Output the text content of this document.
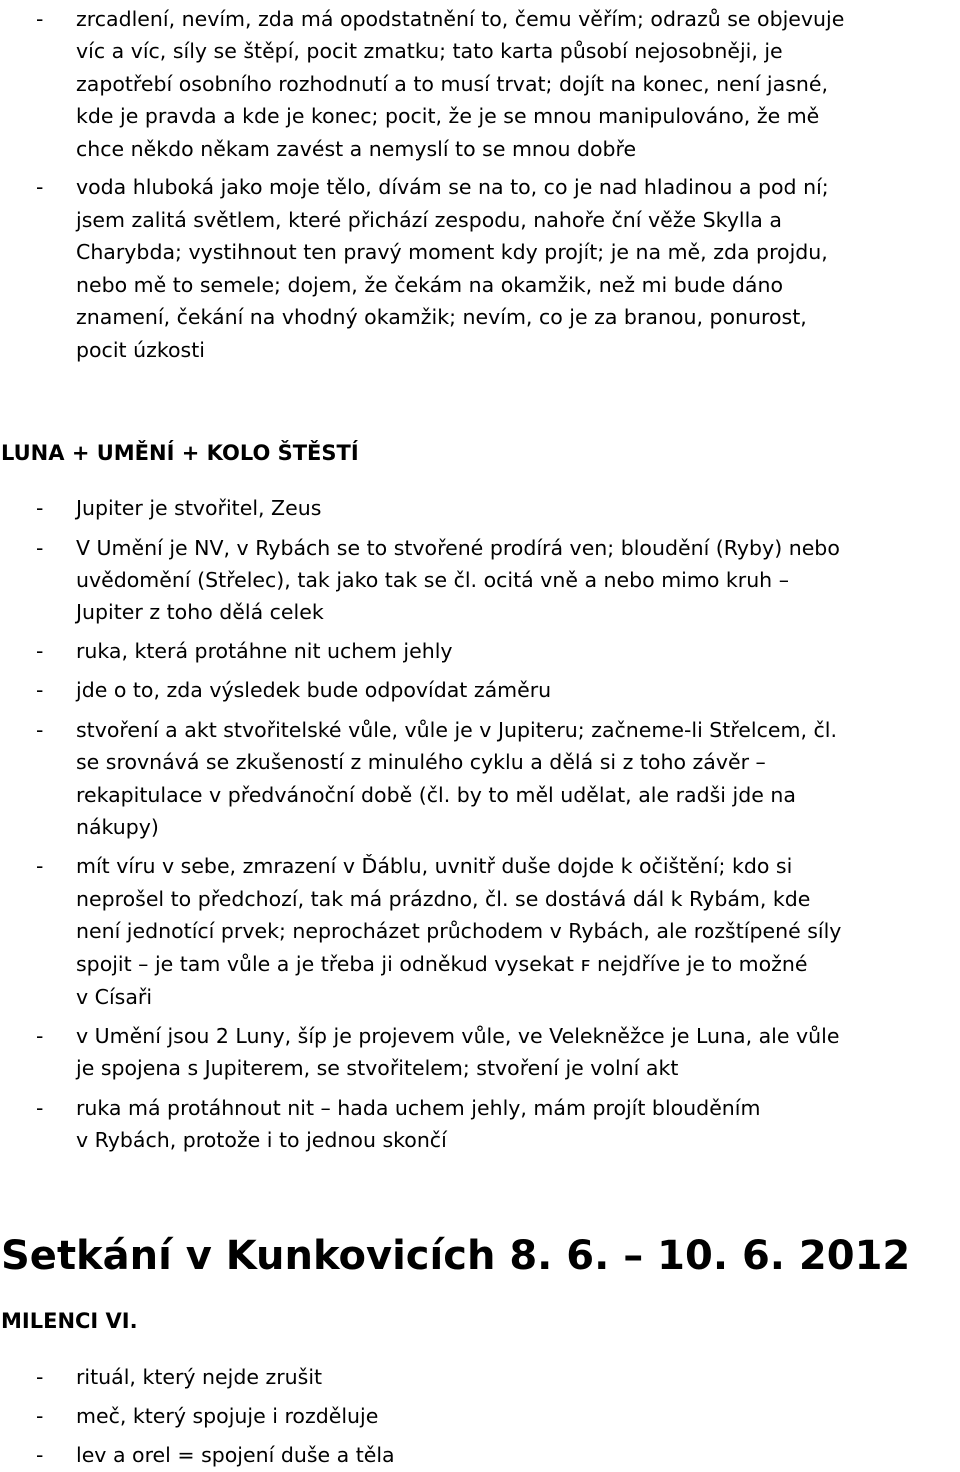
- zrcadlení, nevím, zda má opodstatnění to, čemu věřím; odrazů se objevuje
víc a víc, síly se štěpí, pocit zmatku; tato karta působí nejosobněji, je
zapotřebí osobního rozhodnutí a to musí trvat; dojít na konec, není jasné,
kde je pravda a kde je konec; pocit, že je se mnou manipulováno, že mě
chce někdo někam zavést a nemyslí to se mnou dobře
- voda hluboká jako moje tělo, dívám se na to, co je nad hladinou a pod ní;
jsem zalitá světlem, které přichází zespodu, nahoře ční věže Skylla a
Charybda; vystihnout ten pravý moment kdy projít; je na mě, zda projdu,
nebo mě to semele; dojem, že čekám na okamžik, než mi bude dáno
znamení, čekání na vhodný okamžik; nevím, co je za branou, ponurost,
pocit úzkosti
LUNA + UMĚNÍ + KOLO ŠTĚSTÍ
- Jupiter je stvořitel, Zeus
- V Umění je NV, v Rybách se to stvořené prodírá ven; bloudění (Ryby) nebo
uvědomění (Střelec), tak jako tak se čl. ocitá vně a nebo mimo kruh –
Jupiter z toho dělá celek
- ruka, která protáhne nit uchem jehly
- jde o to, zda výsledek bude odpovídat záměru
- stvoření a akt stvořitelské vůle, vůle je v Jupiteru; začneme-li Střelcem, čl.
se srovnává se zkušeností z minulého cyklu a dělá si z toho závěr –
rekapitulace v předvánoční době (čl. by to měl udělat, ale radši jde na
nákupy)
- mít víru v sebe, zmrazení v Ďáblu, uvnitř duše dojde k očištění; kdo si
neprošel to předchozí, tak má prázdno, čl. se dostává dál k Rybám, kde
není jednotící prvek; neprocházet průchodem v Rybách, ale rozštípené síly
spojit – je tam vůle a je třeba ji odněkud vysekat ꜰ nejdříve je to možné
v Císaři
- v Umění jsou 2 Luny, šíp je projevem vůle, ve Velekněžce je Luna, ale vůle
je spojena s Jupiterem, se stvořitelem; stvoření je volní akt
- ruka má protáhnout nit – hada uchem jehly, mám projít blouděním
v Rybách, protože i to jednou skončí
Setkání v Kunkovicích 8. 6. – 10. 6. 2012
MILENCI VI.
- rituál, který nejde zrušit
- meč, který spojuje i rozděluje
- lev a orel = spojení duše a těla
